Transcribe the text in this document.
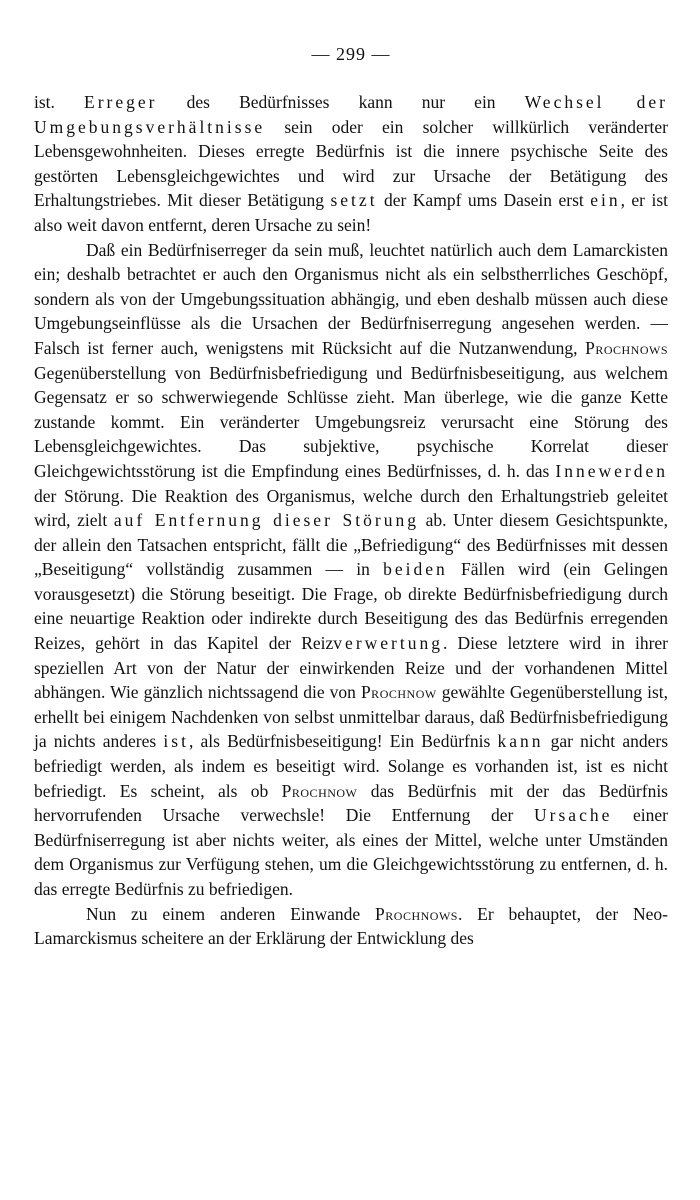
— 299 —

ist. Erreger des Bedürfnisses kann nur ein Wechsel der Umgebungsverhältnisse sein oder ein solcher willkürlich veränderter Lebensgewohnheiten. Dieses erregte Bedürfnis ist die innere psychische Seite des gestörten Lebensgleichgewichtes und wird zur Ursache der Betätigung des Erhaltungstriebes. Mit dieser Betätigung setzt der Kampf ums Dasein erst ein, er ist also weit davon entfernt, deren Ursache zu sein!

Daß ein Bedürfniserreger da sein muß, leuchtet natürlich auch dem Lamarckisten ein; deshalb betrachtet er auch den Organismus nicht als ein selbstherrliches Geschöpf, sondern als von der Umgebungssituation abhängig, und eben deshalb müssen auch diese Umgebungseinflüsse als die Ursachen der Bedürfniserregung angesehen werden. — Falsch ist ferner auch, wenigstens mit Rücksicht auf die Nutzanwendung, Prochnows Gegenüberstellung von Bedürfnisbefriedigung und Bedürfnisbeseitigung, aus welchem Gegensatz er so schwerwiegende Schlüsse zieht. Man überlege, wie die ganze Kette zustande kommt. Ein veränderter Umgebungsreiz verursacht eine Störung des Lebensgleichgewichtes. Das subjektive, psychische Korrelat dieser Gleichgewichtsstörung ist die Empfindung eines Bedürfnisses, d. h. das Innewerden der Störung. Die Reaktion des Organismus, welche durch den Erhaltungstrieb geleitet wird, zielt auf Entfernung dieser Störung ab. Unter diesem Gesichtspunkte, der allein den Tatsachen entspricht, fällt die „Befriedigung“ des Bedürfnisses mit dessen „Beseitigung“ vollständig zusammen — in beiden Fällen wird (ein Gelingen vorausgesetzt) die Störung beseitigt. Die Frage, ob direkte Bedürfnisbefriedigung durch eine neuartige Reaktion oder indirekte durch Beseitigung des das Bedürfnis erregenden Reizes, gehört in das Kapitel der Reizverwertung. Diese letztere wird in ihrer speziellen Art von der Natur der einwirkenden Reize und der vorhandenen Mittel abhängen. Wie gänzlich nichtssagend die von Prochnow gewählte Gegenüberstellung ist, erhellt bei einigem Nachdenken von selbst unmittelbar daraus, daß Bedürfnisbefriedigung ja nichts anderes ist, als Bedürfnisbeseitigung! Ein Bedürfnis kann gar nicht anders befriedigt werden, als indem es beseitigt wird. Solange es vorhanden ist, ist es nicht befriedigt. Es scheint, als ob Prochnow das Bedürfnis mit der das Bedürfnis hervorrufenden Ursache verwechsle! Die Entfernung der Ursache einer Bedürfniserregung ist aber nichts weiter, als eines der Mittel, welche unter Umständen dem Organismus zur Verfügung stehen, um die Gleichgewichtsstörung zu entfernen, d. h. das erregte Bedürfnis zu befriedigen.

Nun zu einem anderen Einwande Prochnows. Er behauptet, der Neo-Lamarckismus scheitere an der Erklärung der Entwicklung des
